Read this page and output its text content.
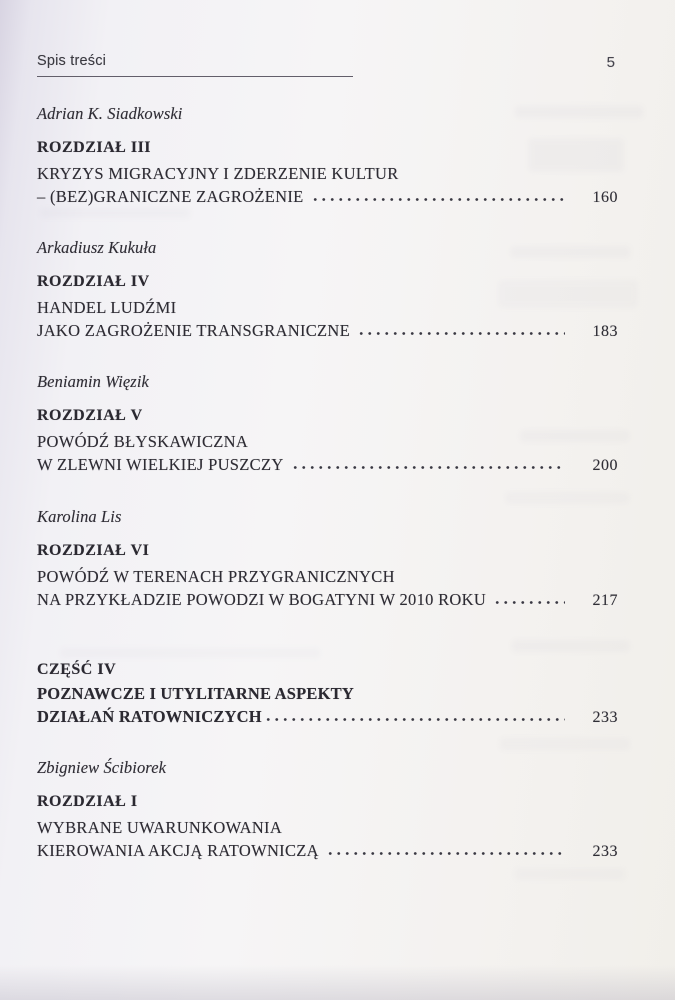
Spis treści	5
Adrian K. Siadkowski
ROZDZIAŁ III
KRYZYS MIGRACYJNY I ZDERZENIE KULTUR
– (BEZ)GRANICZNE ZAGROŻENIE	160
Arkadiusz Kukuła
ROZDZIAŁ IV
HANDEL LUDŹMI
JAKO ZAGROŻENIE TRANSGRANICZNE	183
Beniamin Więzik
ROZDZIAŁ V
POWÓDŹ BŁYSKAWICZNA
W ZLEWNI WIELKIEJ PUSZCZY	200
Karolina Lis
ROZDZIAŁ VI
POWÓDŹ W TERENACH PRZYGRANICZNYCH
NA PRZYKŁADZIE POWODZI W BOGATYNI W 2010 ROKU	217
CZĘŚĆ IV
POZNAWCZE I UTYLITARNE ASPEKTY
DZIAŁAŃ RATOWNICZYCH	233
Zbigniew Ścibiorek
ROZDZIAŁ I
WYBRANE UWARUNKOWANIA
KIEROWANIA AKCJĄ RATOWNICZĄ	233
